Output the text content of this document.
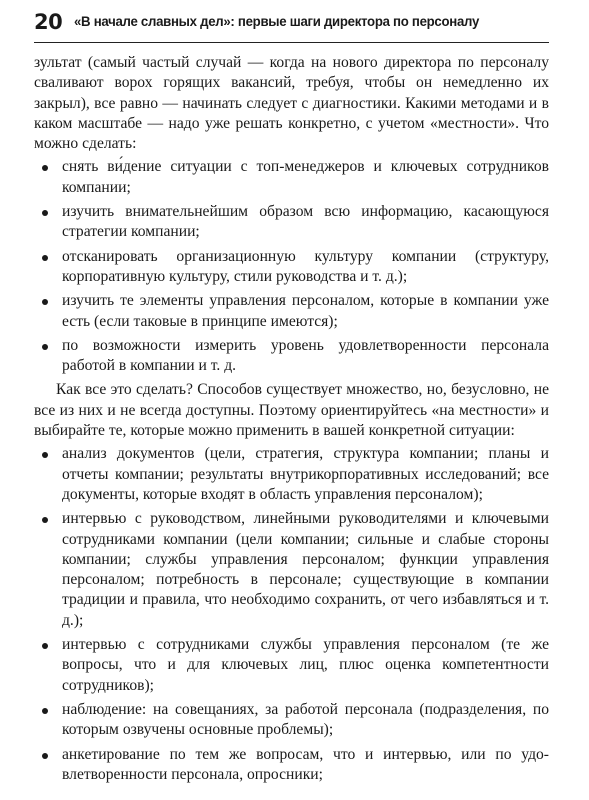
20 «В начале славных дел»: первые шаги директора по персоналу

зультат (самый частый случай — когда на нового директора по персоналу сваливают ворох горящих вакансий, требуя, чтобы он немедленно их закрыл), все равно — начинать следует с диагностики. Какими методами и в каком масштабе — надо уже решать конкретно, с учетом «местности». Что можно сделать:

снять ви́дение ситуации с топ-менеджеров и ключевых сотрудников компании;
изучить внимательнейшим образом всю информацию, касающуюся стратегии компании;
отсканировать организационную культуру компании (структуру, корпоративную культуру, стили руководства и т. д.);
изучить те элементы управления персоналом, которые в компании уже есть (если таковые в принципе имеются);
по возможности измерить уровень удовлетворенности персонала работой в компании и т. д.

Как все это сделать? Способов существует множество, но, безусловно, не все из них и не всегда доступны. Поэтому ориентируйтесь «на местности» и выбирайте те, которые можно применить в вашей конкретной ситуации:

анализ документов (цели, стратегия, структура компании; планы и отчеты компании; результаты внутрикорпоративных исследований; все документы, которые входят в область управления персоналом);
интервью с руководством, линейными руководителями и ключевыми сотрудниками компании (цели компании; сильные и слабые стороны компании; службы управления персоналом; функции управления персоналом; потребность в персонале; существующие в компании традиции и правила, что необходимо сохранить, от чего избавляться и т. д.);
интервью с сотрудниками службы управления персоналом (те же вопросы, что и для ключевых лиц, плюс оценка компетентности сотрудников);
наблюдение: на совещаниях, за работой персонала (подразделения, по которым озвучены основные проблемы);
анкетирование по тем же вопросам, что и интервью, или по удовлетворенности персонала, опросники;
